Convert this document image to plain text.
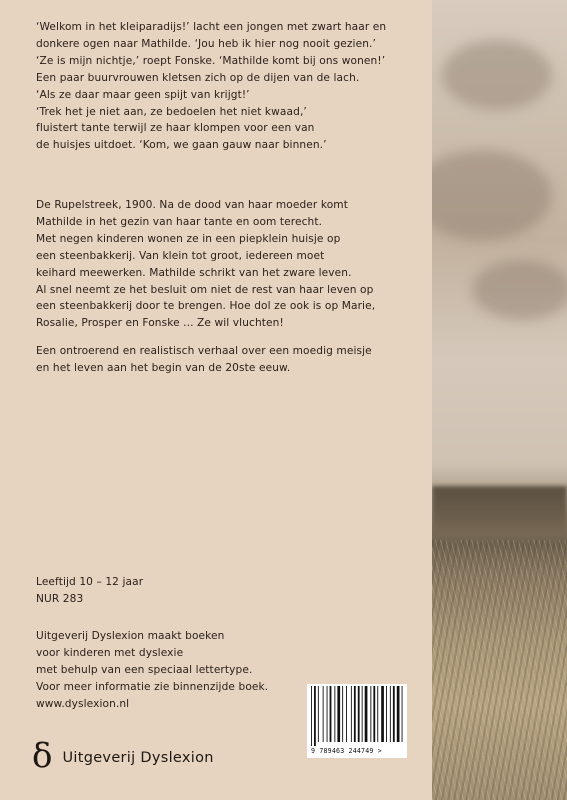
‘Welkom in het kleiparadijs!’ lacht een jongen met zwart haar en

donkere ogen naar Mathilde. ‘Jou heb ik hier nog nooit gezien.’

‘Ze is mijn nichtje,’ roept Fonske. ‘Mathilde komt bij ons wonen!’

Een paar buurvrouwen kletsen zich op de dijen van de lach.

‘Als ze daar maar geen spijt van krijgt!’

‘Trek het je niet aan, ze bedoelen het niet kwaad,’

fluistert tante terwijl ze haar klompen voor een van

de huisjes uitdoet. ‘Kom, we gaan gauw naar binnen.’

De Rupelstreek, 1900. Na de dood van haar moeder komt

Mathilde in het gezin van haar tante en oom terecht.

Met negen kinderen wonen ze in een piepklein huisje op

een steenbakkerij. Van klein tot groot, iedereen moet

keihard meewerken. Mathilde schrikt van het zware leven.

Al snel neemt ze het besluit om niet de rest van haar leven op

een steenbakkerij door te brengen. Hoe dol ze ook is op Marie,

Rosalie, Prosper en Fonske ... Ze wil vluchten!

Een ontroerend en realistisch verhaal over een moedig meisje

en het leven aan het begin van de 20ste eeuw.

Leeftijd 10 – 12 jaar

NUR 283

Uitgeverij Dyslexion maakt boeken

voor kinderen met dyslexie

met behulp van een speciaal lettertype.

Voor meer informatie zie binnenzijde boek.

www.dyslexion.nl

9 789463 244749 >
δ Uitgeverij Dyslexion
